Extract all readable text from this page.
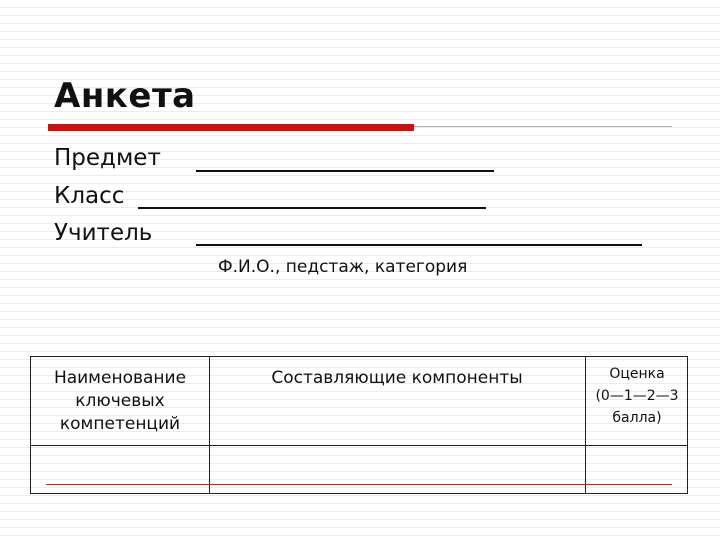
Анкета
Предмет
Класс
Учитель
Ф.И.О., педстаж, категория
Наименование
ключевых
компетенций
Составляющие компоненты	Оценка
(0—1—2—3
балла)
